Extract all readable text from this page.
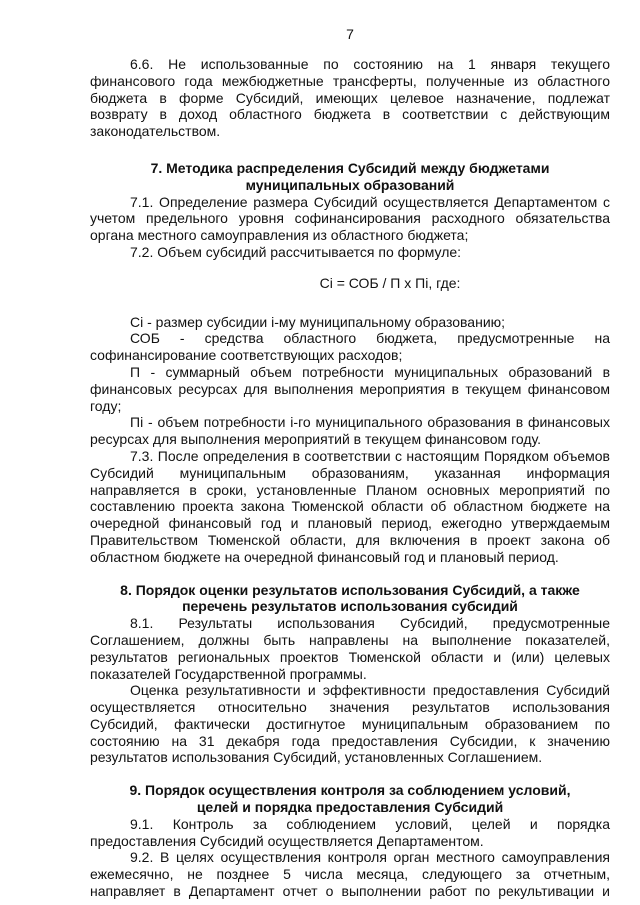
7
6.6. Не использованные по состоянию на 1 января текущего
финансового года межбюджетные трансферты, полученные из областного
бюджета в форме Субсидий, имеющих целевое назначение, подлежат
возврату в доход областного бюджета в соответствии с действующим
законодательством.
7. Методика распределения Субсидий между бюджетами
муниципальных образований
7.1. Определение размера Субсидий осуществляется Департаментом с
учетом предельного уровня софинансирования расходного обязательства
органа местного самоуправления из областного бюджета;
7.2. Объем субсидий рассчитывается по формуле:
Ci = СОБ / П х Пi, где:
Ci - размер субсидии i-му муниципальному образованию;
СОБ - средства областного бюджета, предусмотренные на
софинансирование соответствующих расходов;
П - суммарный объем потребности муниципальных образований в
финансовых ресурсах для выполнения мероприятия в текущем финансовом
году;
Пi - объем потребности i-го муниципального образования в финансовых
ресурсах для выполнения мероприятий в текущем финансовом году.
7.3. После определения в соответствии с настоящим Порядком объемов
Субсидий муниципальным образованиям, указанная информация
направляется в сроки, установленные Планом основных мероприятий по
составлению проекта закона Тюменской области об областном бюджете на
очередной финансовый год и плановый период, ежегодно утверждаемым
Правительством Тюменской области, для включения в проект закона об
областном бюджете на очередной финансовый год и плановый период.
8. Порядок оценки результатов использования Субсидий, а также
перечень результатов использования субсидий
8.1. Результаты использования Субсидий, предусмотренные
Соглашением, должны быть направлены на выполнение показателей,
результатов региональных проектов Тюменской области и (или) целевых
показателей Государственной программы.
Оценка результативности и эффективности предоставления Субсидий
осуществляется относительно значения результатов использования
Субсидий, фактически достигнутое муниципальным образованием по
состоянию на 31 декабря года предоставления Субсидии, к значению
результатов использования Субсидий, установленных Соглашением.
9. Порядок осуществления контроля за соблюдением условий,
целей и порядка предоставления Субсидий
9.1. Контроль за соблюдением условий, целей и порядка
предоставления Субсидий осуществляется Департаментом.
9.2. В целях осуществления контроля орган местного самоуправления
ежемесячно, не позднее 5 числа месяца, следующего за отчетным,
направляет в Департамент отчет о выполнении работ по рекультивации и
